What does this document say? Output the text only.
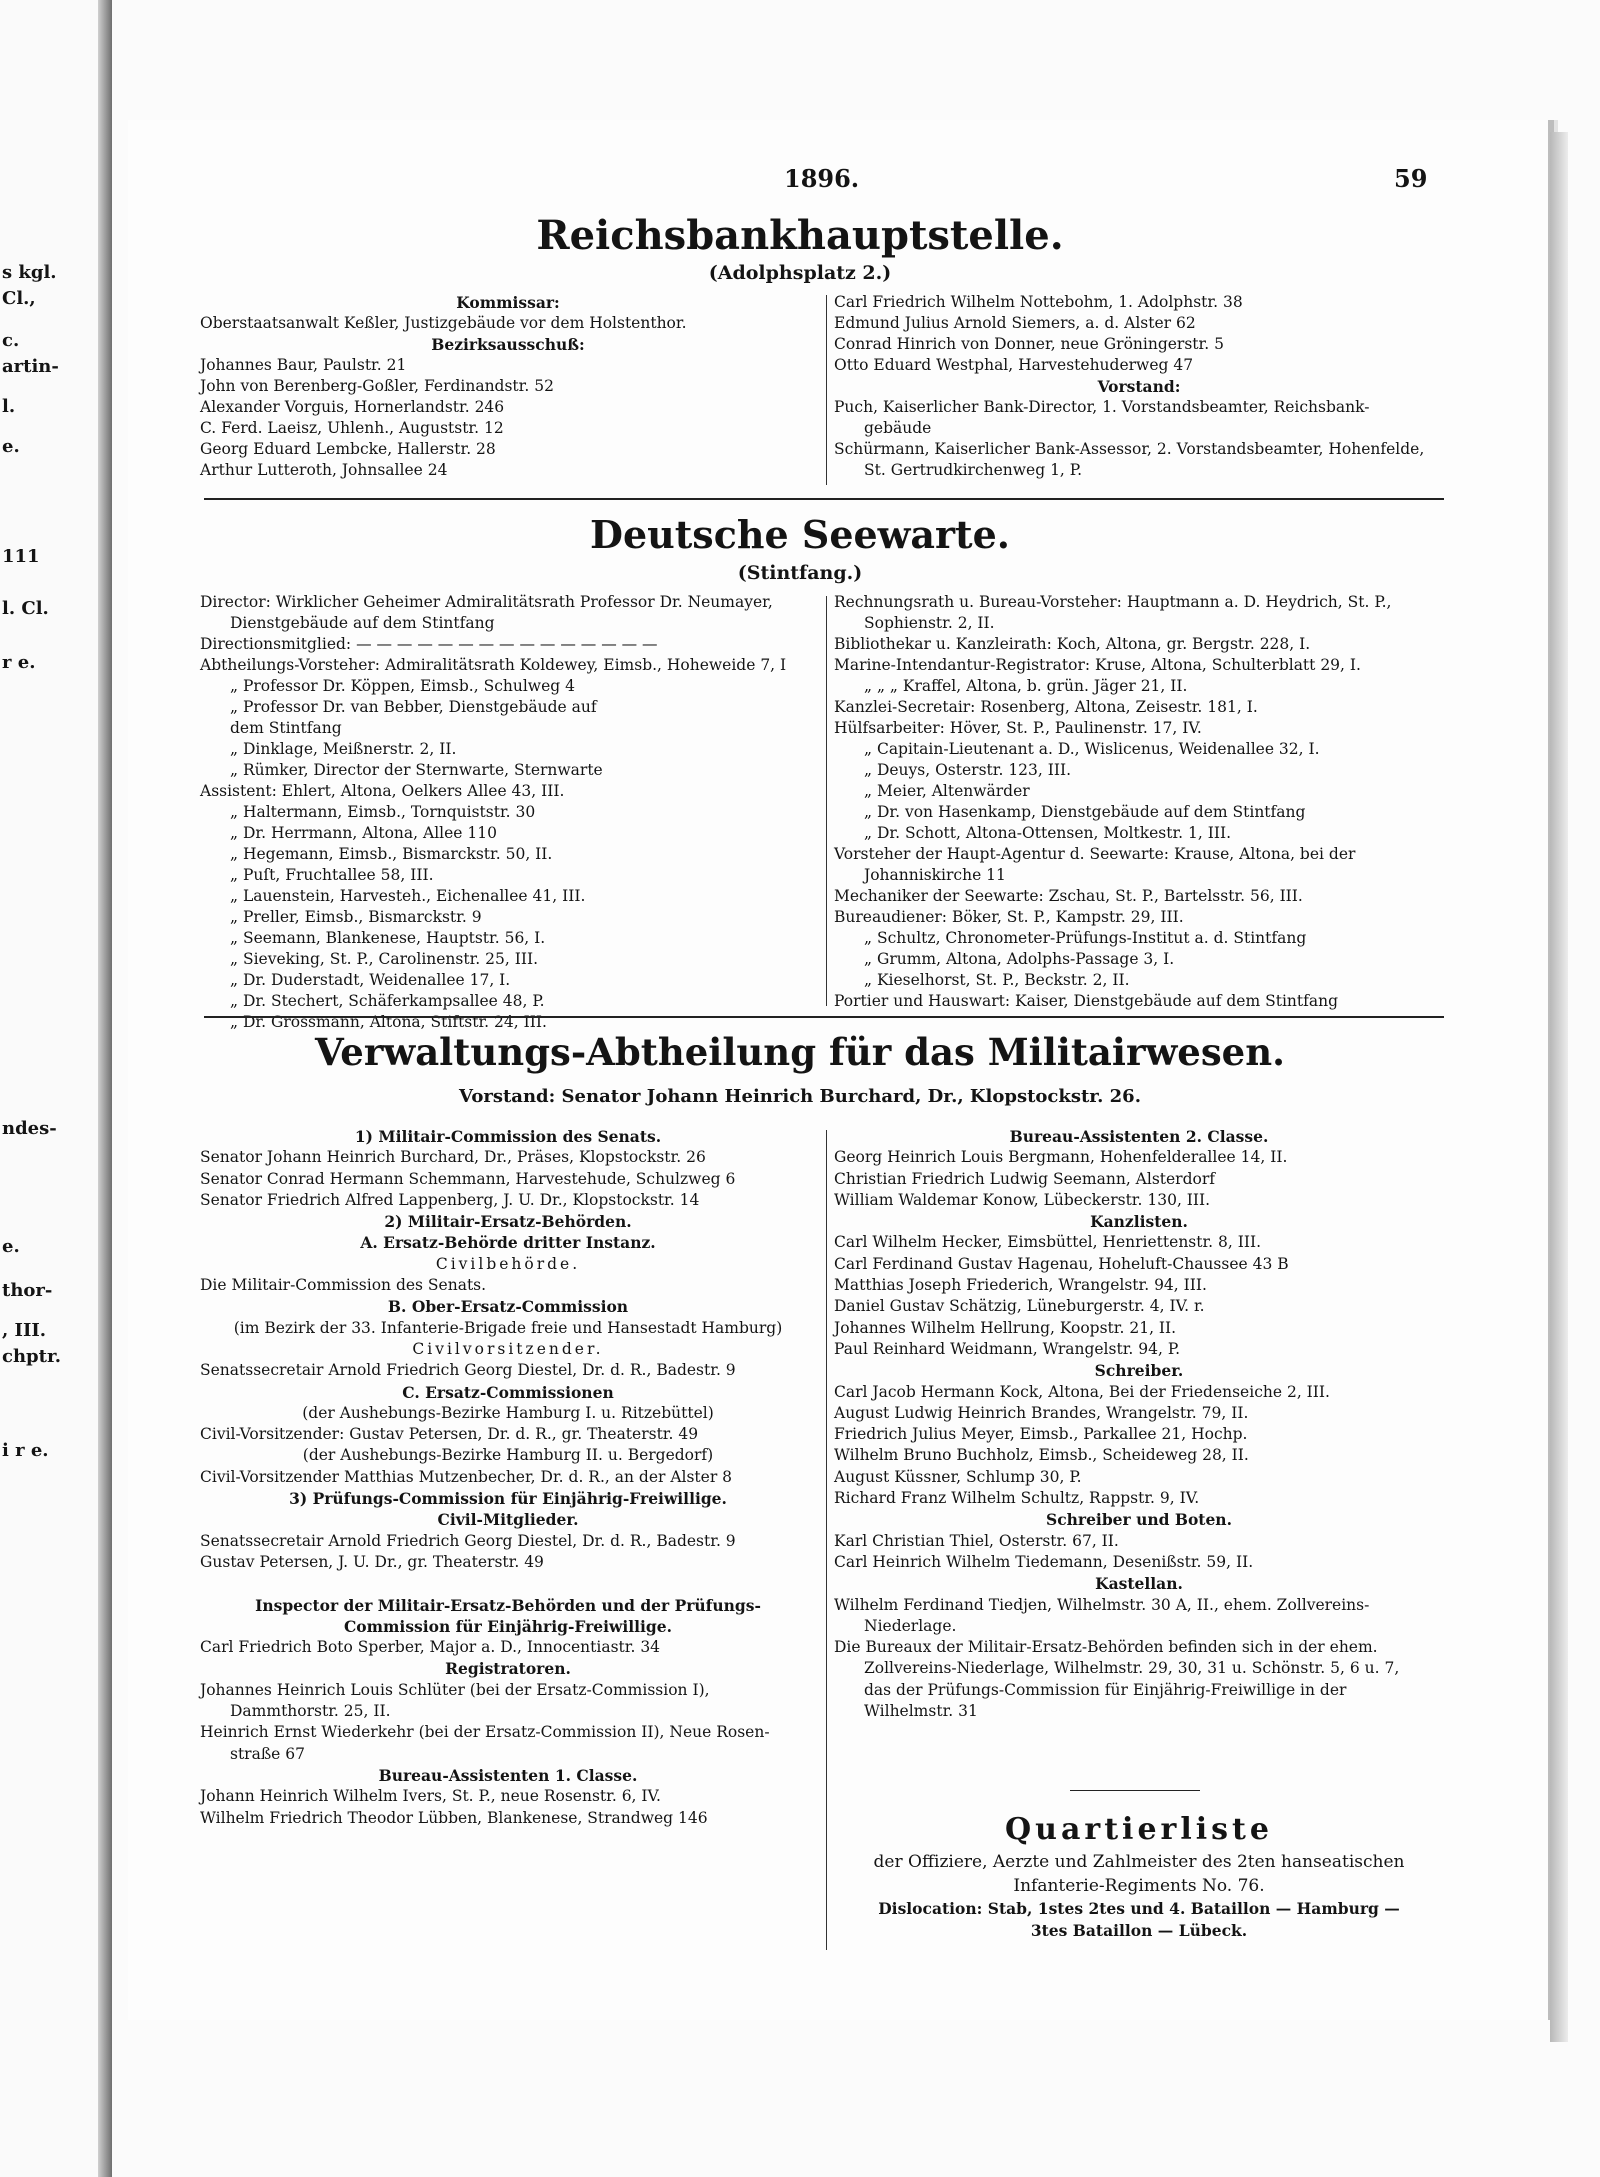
s kgl.
Cl.,
c.
artin-
l.
e.
111
l. Cl.
r e.
ndes-
e.
thor-
, III.
chptr.
i r e.
1896.	59
Reichsbankhauptstelle.
(Adolphsplatz 2.)
Kommissar:
Oberstaatsanwalt Keßler, Justizgebäude vor dem Holstenthor.
Bezirksausschuß:
Johannes Baur, Paulstr. 21
John von Berenberg-Goßler, Ferdinandstr. 52
Alexander Vorguis, Hornerlandstr. 246
C. Ferd. Laeisz, Uhlenh., Auguststr. 12
Georg Eduard Lembcke, Hallerstr. 28
Arthur Lutteroth, Johnsallee 24
Carl Friedrich Wilhelm Nottebohm, 1. Adolphstr. 38
Edmund Julius Arnold Siemers, a. d. Alster 62
Conrad Hinrich von Donner, neue Gröningerstr. 5
Otto Eduard Westphal, Harvestehuderweg 47
Vorstand:
Puch, Kaiserlicher Bank-Director, 1. Vorstandsbeamter, Reichsbank-
gebäude
Schürmann, Kaiserlicher Bank-Assessor, 2. Vorstandsbeamter, Hohenfelde,
St. Gertrudkirchenweg 1, P.
Deutsche Seewarte.
(Stintfang.)
Director: Wirklicher Geheimer Admiralitätsrath Professor Dr. Neumayer,
Dienstgebäude auf dem Stintfang
Directionsmitglied: — — — — — — — — — — — — — — —
Abtheilungs-Vorsteher: Admiralitätsrath Koldewey, Eimsb., Hoheweide 7, I
„ Professor Dr. Köppen, Eimsb., Schulweg 4
„ Professor Dr. van Bebber, Dienstgebäude auf
dem Stintfang
„ Dinklage, Meißnerstr. 2, II.
„ Rümker, Director der Sternwarte, Sternwarte
Assistent: Ehlert, Altona, Oelkers Allee 43, III.
„ Haltermann, Eimsb., Tornquiststr. 30
„ Dr. Herrmann, Altona, Allee 110
„ Hegemann, Eimsb., Bismarckstr. 50, II.
„ Puſt, Fruchtallee 58, III.
„ Lauenstein, Harvesteh., Eichenallee 41, III.
„ Preller, Eimsb., Bismarckstr. 9
„ Seemann, Blankenese, Hauptstr. 56, I.
„ Sieveking, St. P., Carolinenstr. 25, III.
„ Dr. Duderstadt, Weidenallee 17, I.
„ Dr. Stechert, Schäferkampsallee 48, P.
„ Dr. Grossmann, Altona, Stiftstr. 24, III.
Rechnungsrath u. Bureau-Vorsteher: Hauptmann a. D. Heydrich, St. P.,
Sophienstr. 2, II.
Bibliothekar u. Kanzleirath: Koch, Altona, gr. Bergstr. 228, I.
Marine-Intendantur-Registrator: Kruse, Altona, Schulterblatt 29, I.
„ „ „ Kraffel, Altona, b. grün. Jäger 21, II.
Kanzlei-Secretair: Rosenberg, Altona, Zeisestr. 181, I.
Hülfsarbeiter: Höver, St. P., Paulinenstr. 17, IV.
„ Capitain-Lieutenant a. D., Wislicenus, Weidenallee 32, I.
„ Deuys, Osterstr. 123, III.
„ Meier, Altenwärder
„ Dr. von Hasenkamp, Dienstgebäude auf dem Stintfang
„ Dr. Schott, Altona-Ottensen, Moltkestr. 1, III.
Vorsteher der Haupt-Agentur d. Seewarte: Krause, Altona, bei der
Johanniskirche 11
Mechaniker der Seewarte: Zschau, St. P., Bartelsstr. 56, III.
Bureaudiener: Böker, St. P., Kampstr. 29, III.
„ Schultz, Chronometer-Prüfungs-Institut a. d. Stintfang
„ Grumm, Altona, Adolphs-Passage 3, I.
„ Kieselhorst, St. P., Beckstr. 2, II.
Portier und Hauswart: Kaiser, Dienstgebäude auf dem Stintfang
Verwaltungs-Abtheilung für das Militairwesen.
Vorstand: Senator Johann Heinrich Burchard, Dr., Klopstockstr. 26.
1) Militair-Commission des Senats.
Senator Johann Heinrich Burchard, Dr., Präses, Klopstockstr. 26
Senator Conrad Hermann Schemmann, Harvestehude, Schulzweg 6
Senator Friedrich Alfred Lappenberg, J. U. Dr., Klopstockstr. 14
2) Militair-Ersatz-Behörden.
A. Ersatz-Behörde dritter Instanz.
Civilbehörde.
Die Militair-Commission des Senats.
B. Ober-Ersatz-Commission
(im Bezirk der 33. Infanterie-Brigade freie und Hansestadt Hamburg)
Civilvorsitzender.
Senatssecretair Arnold Friedrich Georg Diestel, Dr. d. R., Badestr. 9
C. Ersatz-Commissionen
(der Aushebungs-Bezirke Hamburg I. u. Ritzebüttel)
Civil-Vorsitzender: Gustav Petersen, Dr. d. R., gr. Theaterstr. 49
(der Aushebungs-Bezirke Hamburg II. u. Bergedorf)
Civil-Vorsitzender Matthias Mutzenbecher, Dr. d. R., an der Alster 8
3) Prüfungs-Commission für Einjährig-Freiwillige.
Civil-Mitglieder.
Senatssecretair Arnold Friedrich Georg Diestel, Dr. d. R., Badestr. 9
Gustav Petersen, J. U. Dr., gr. Theaterstr. 49

Inspector der Militair-Ersatz-Behörden und der Prüfungs-
Commission für Einjährig-Freiwillige.
Carl Friedrich Boto Sperber, Major a. D., Innocentiastr. 34
Registratoren.
Johannes Heinrich Louis Schlüter (bei der Ersatz-Commission I),
Dammthorstr. 25, II.
Heinrich Ernst Wiederkehr (bei der Ersatz-Commission II), Neue Rosen-
straße 67
Bureau-Assistenten 1. Classe.
Johann Heinrich Wilhelm Ivers, St. P., neue Rosenstr. 6, IV.
Wilhelm Friedrich Theodor Lübben, Blankenese, Strandweg 146
Bureau-Assistenten 2. Classe.
Georg Heinrich Louis Bergmann, Hohenfelderallee 14, II.
Christian Friedrich Ludwig Seemann, Alsterdorf
William Waldemar Konow, Lübeckerstr. 130, III.
Kanzlisten.
Carl Wilhelm Hecker, Eimsbüttel, Henriettenstr. 8, III.
Carl Ferdinand Gustav Hagenau, Hoheluft-Chaussee 43 B
Matthias Joseph Friederich, Wrangelstr. 94, III.
Daniel Gustav Schätzig, Lüneburgerstr. 4, IV. r.
Johannes Wilhelm Hellrung, Koopstr. 21, II.
Paul Reinhard Weidmann, Wrangelstr. 94, P.
Schreiber.
Carl Jacob Hermann Kock, Altona, Bei der Friedenseiche 2, III.
August Ludwig Heinrich Brandes, Wrangelstr. 79, II.
Friedrich Julius Meyer, Eimsb., Parkallee 21, Hochp.
Wilhelm Bruno Buchholz, Eimsb., Scheideweg 28, II.
August Küssner, Schlump 30, P.
Richard Franz Wilhelm Schultz, Rappstr. 9, IV.
Schreiber und Boten.
Karl Christian Thiel, Osterstr. 67, II.
Carl Heinrich Wilhelm Tiedemann, Desenißstr. 59, II.
Kastellan.
Wilhelm Ferdinand Tiedjen, Wilhelmstr. 30 A, II., ehem. Zollvereins-
Niederlage.
Die Bureaux der Militair-Ersatz-Behörden befinden sich in der ehem.
Zollvereins-Niederlage, Wilhelmstr. 29, 30, 31 u. Schönstr. 5, 6 u. 7,
das der Prüfungs-Commission für Einjährig-Freiwillige in der
Wilhelmstr. 31
Quartierliste
der Offiziere, Aerzte und Zahlmeister des 2ten hanseatischen
Infanterie-Regiments No. 76.
Dislocation: Stab, 1stes 2tes und 4. Bataillon — Hamburg —
3tes Bataillon — Lübeck.
